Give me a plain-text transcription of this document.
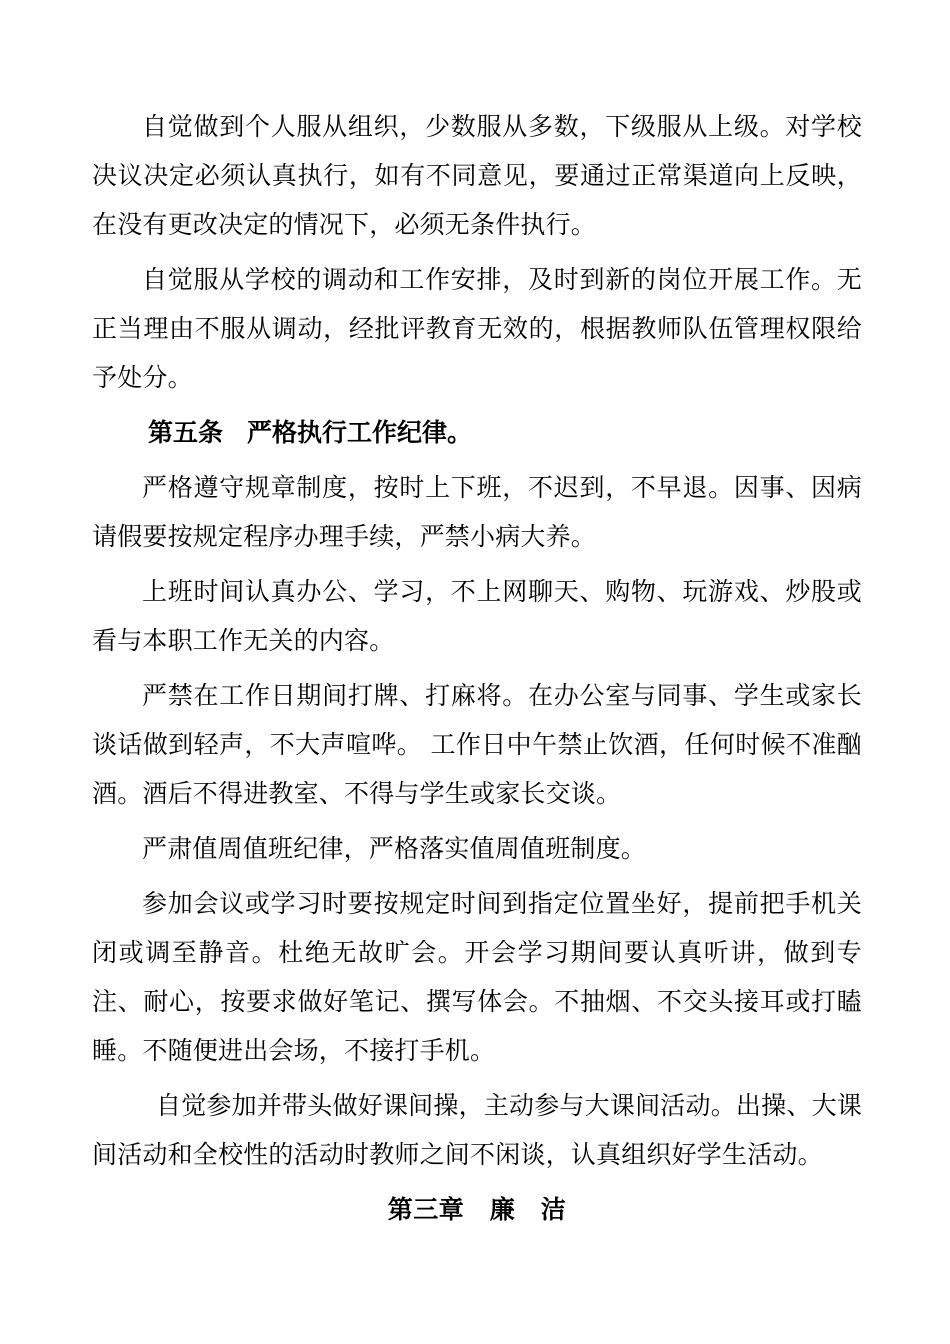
自觉做到个人服从组织，少数服从多数，下级服从上级。对学校决议决定必须认真执行，如有不同意见，要通过正常渠道向上反映，在没有更改决定的情况下，必须无条件执行。

自觉服从学校的调动和工作安排，及时到新的岗位开展工作。无正当理由不服从调动，经批评教育无效的，根据教师队伍管理权限给予处分。

第五条 严格执行工作纪律。

严格遵守规章制度，按时上下班，不迟到，不早退。因事、因病请假要按规定程序办理手续，严禁小病大养。

上班时间认真办公、学习，不上网聊天、购物、玩游戏、炒股或看与本职工作无关的内容。

严禁在工作日期间打牌、打麻将。在办公室与同事、学生或家长谈话做到轻声，不大声喧哗。 工作日中午禁止饮酒，任何时候不准酗酒。酒后不得进教室、不得与学生或家长交谈。

严肃值周值班纪律，严格落实值周值班制度。

参加会议或学习时要按规定时间到指定位置坐好，提前把手机关闭或调至静音。杜绝无故旷会。开会学习期间要认真听讲，做到专注、耐心，按要求做好笔记、撰写体会。不抽烟、不交头接耳或打瞌睡。不随便进出会场，不接打手机。

自觉参加并带头做好课间操，主动参与大课间活动。出操、大课间活动和全校性的活动时教师之间不闲谈，认真组织好学生活动。

第三章　 廉　洁
